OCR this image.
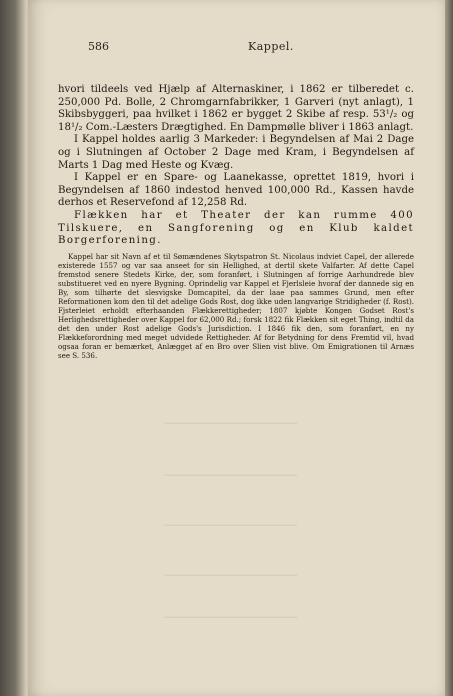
586	Kappel.
──────────────────────────
──────────────────────────
──────────────────────────
──────────────────────────
──────────────────────────

hvori tildeels ved Hjælp af Alternaskiner, i 1862 er tilberedet c. 250,000 Pd. Bolle, 2 Chromgarnfabrikker, 1 Garveri (nyt anlagt), 1 Skibsbyggeri, paa hvilket i 1862 er bygget 2 Skibe af resp. 53¹/₂ og 18¹/₂ Com.-Læsters Drægtighed. En Dampmølle bliver i 1863 anlagt.

I Kappel holdes aarlig 3 Markeder: i Begyndelsen af Mai 2 Dage og i Slutningen af October 2 Dage med Kram, i Begyndelsen af Marts 1 Dag med Heste og Kvæg.

I Kappel er en Spare- og Laanekasse, oprettet 1819, hvori i Begyndelsen af 1860 indestod henved 100,000 Rd., Kassen havde derhos et Reservefond af 12,258 Rd.

Flækken har et Theater der kan rumme 400 Tilskuere, en Sangforening og en Klub kaldet Borgerforening.

Kappel har sit Navn af et til Sømændenes Skytspatron St. Nicolaus indviet Capel, der allerede existerede 1557 og var saa anseet for sin Hellighed, at dertil skete Valfarter. Af dette Capel fremstod senere Stedets Kirke, der, som foranført, i Slutningen af forrige Aarhundrede blev substitueret ved en nyere Bygning. Oprindelig var Kappel et Fjerlsleie hvoraf der dannede sig en By, som tilhørte det slesvigske Domcapitel, da der laae paa sammes Grund, men efter Reformationen kom den til det adelige Gods Rost, dog ikke uden langvarige Stridigheder (f. Rost). Fjsterleiet erholdt efterhaanden Flækkerettigheder; 1807 kjøbte Kongen Godset Rost's Herlighedsrettigheder over Kappel for 62,000 Rd.; forsk 1822 fik Flækken sit eget Thing, indtil da det den under Rost adelige Gods's Jurisdiction. I 1846 fik den, som foranført, en ny Flækkeforordning med meget udvidede Rettigheder. Af for Betydning for dens Fremtid vil, hvad ogsaa foran er bemærket, Anlægget af en Bro over Slien vist blive. Om Emigrationen til Arnæs see S. 536.
